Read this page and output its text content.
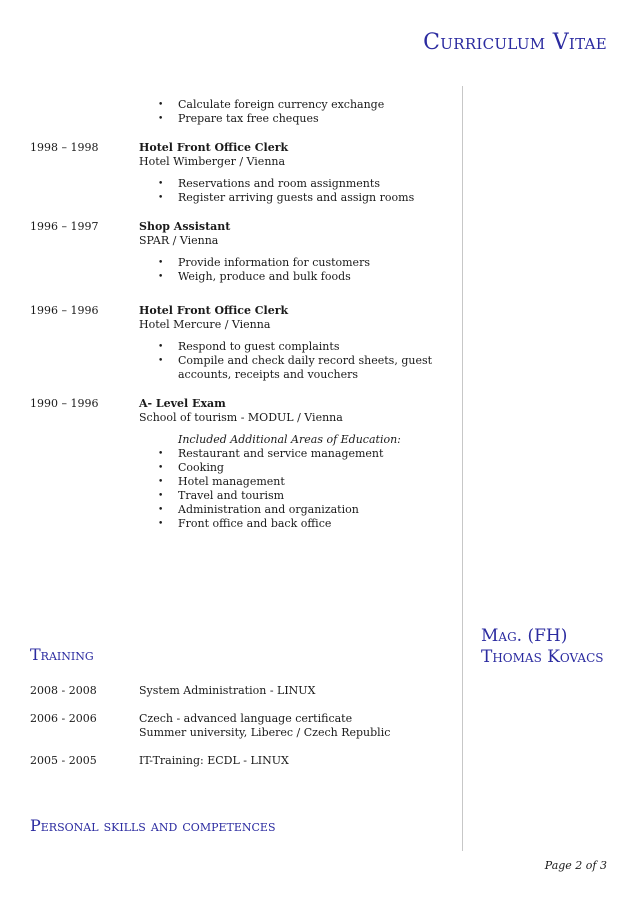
Curriculum Vitae
• Calculate foreign currency exchange
• Prepare tax free cheques
1998 – 1998	Hotel Front Office Clerk
Hotel Wimberger / Vienna
• Reservations and room assignments
• Register arriving guests and assign rooms
1996 – 1997	Shop Assistant
SPAR / Vienna
• Provide information for customers
• Weigh, produce and bulk foods
1996 – 1996	Hotel Front Office Clerk
Hotel Mercure / Vienna
• Respond to guest complaints
• Compile and check daily record sheets, guest accounts, receipts and vouchers
1990 – 1996	A- Level Exam
School of tourism - MODUL / Vienna
Included Additional Areas of Education:
• Restaurant and service management
• Cooking
• Hotel management
• Travel and tourism
• Administration and organization
• Front office and back office
Mag. (FH)
Thomas Kovacs
Training
2008 - 2008	System Administration - LINUX
2006 - 2006	Czech - advanced language certificate
Summer university, Liberec / Czech Republic
2005 - 2005	IT-Training: ECDL - LINUX
Personal skills and competences
Page 2 of 3
